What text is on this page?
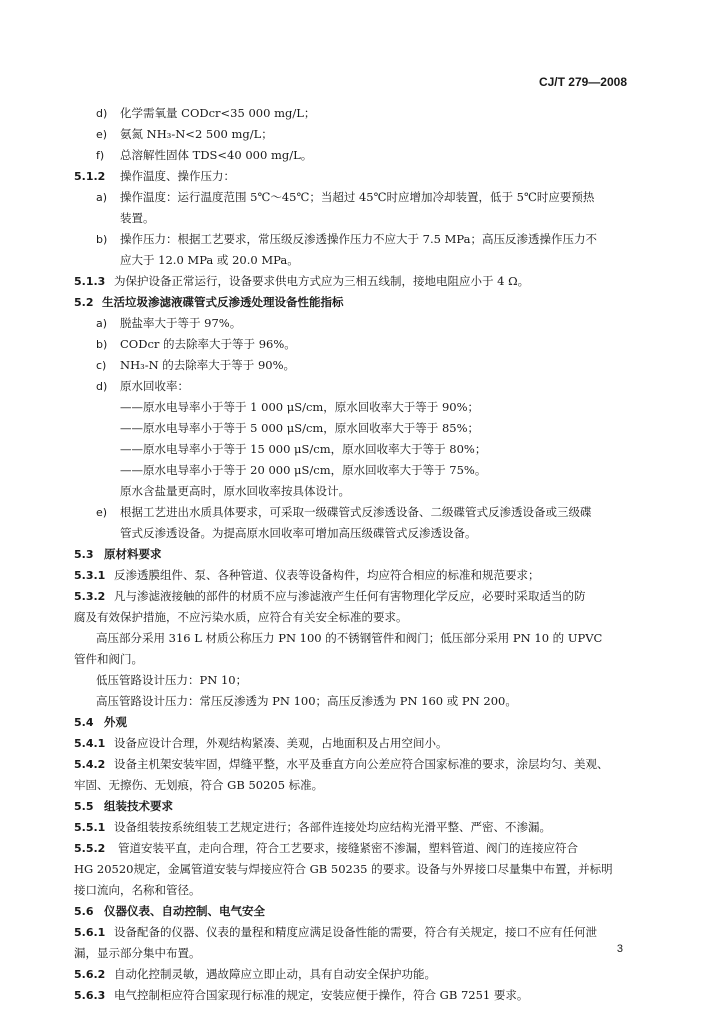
CJ/T 279—2008
d) 化学需氧量 CODcr<35 000 mg/L；
e) 氨氮 NH₃-N<2 500 mg/L；
f) 总溶解性固体 TDS<40 000 mg/L。
5.1.2 操作温度、操作压力：
a) 操作温度：运行温度范围 5℃～45℃；当超过 45℃时应增加冷却装置，低于 5℃时应要预热
装置。
b) 操作压力：根据工艺要求，常压级反渗透操作压力不应大于 7.5 MPa；高压反渗透操作压力不
应大于 12.0 MPa 或 20.0 MPa。
5.1.3 为保护设备正常运行，设备要求供电方式应为三相五线制，接地电阻应小于 4 Ω。
5.2 生活垃圾渗滤液碟管式反渗透处理设备性能指标
a) 脱盐率大于等于 97%。
b) CODcr 的去除率大于等于 96%。
c) NH₃-N 的去除率大于等于 90%。
d) 原水回收率：
——原水电导率小于等于 1 000 μS/cm，原水回收率大于等于 90%；
——原水电导率小于等于 5 000 μS/cm，原水回收率大于等于 85%；
——原水电导率小于等于 15 000 μS/cm，原水回收率大于等于 80%；
——原水电导率小于等于 20 000 μS/cm，原水回收率大于等于 75%。
原水含盐量更高时，原水回收率按具体设计。
e) 根据工艺进出水质具体要求，可采取一级碟管式反渗透设备、二级碟管式反渗透设备或三级碟
管式反渗透设备。为提高原水回收率可增加高压级碟管式反渗透设备。
5.3 原材料要求
5.3.1 反渗透膜组件、泵、各种管道、仪表等设备构件，均应符合相应的标准和规范要求；
5.3.2 凡与渗滤液接触的部件的材质不应与渗滤液产生任何有害物理化学反应，必要时采取适当的防
腐及有效保护措施，不应污染水质，应符合有关安全标准的要求。
高压部分采用 316 L 材质公称压力 PN 100 的不锈钢管件和阀门；低压部分采用 PN 10 的 UPVC
管件和阀门。
低压管路设计压力：PN 10；
高压管路设计压力：常压反渗透为 PN 100；高压反渗透为 PN 160 或 PN 200。
5.4 外观
5.4.1 设备应设计合理，外观结构紧凑、美观，占地面积及占用空间小。
5.4.2 设备主机架安装牢固，焊缝平整，水平及垂直方向公差应符合国家标准的要求，涂层均匀、美观、
牢固、无擦伤、无划痕，符合 GB 50205 标准。
5.5 组装技术要求
5.5.1 设备组装按系统组装工艺规定进行；各部件连接处均应结构光滑平整、严密、不渗漏。
5.5.2 管道安装平直，走向合理，符合工艺要求，接缝紧密不渗漏，塑料管道、阀门的连接应符合
HG 20520规定，金属管道安装与焊接应符合 GB 50235 的要求。设备与外界接口尽量集中布置，并标明
接口流向，名称和管径。
5.6 仪器仪表、自动控制、电气安全
5.6.1 设备配备的仪器、仪表的量程和精度应满足设备性能的需要，符合有关规定，接口不应有任何泄
漏，显示部分集中布置。
5.6.2 自动化控制灵敏，遇故障应立即止动，具有自动安全保护功能。
5.6.3 电气控制柜应符合国家现行标准的规定，安装应便于操作，符合 GB 7251 要求。
3
